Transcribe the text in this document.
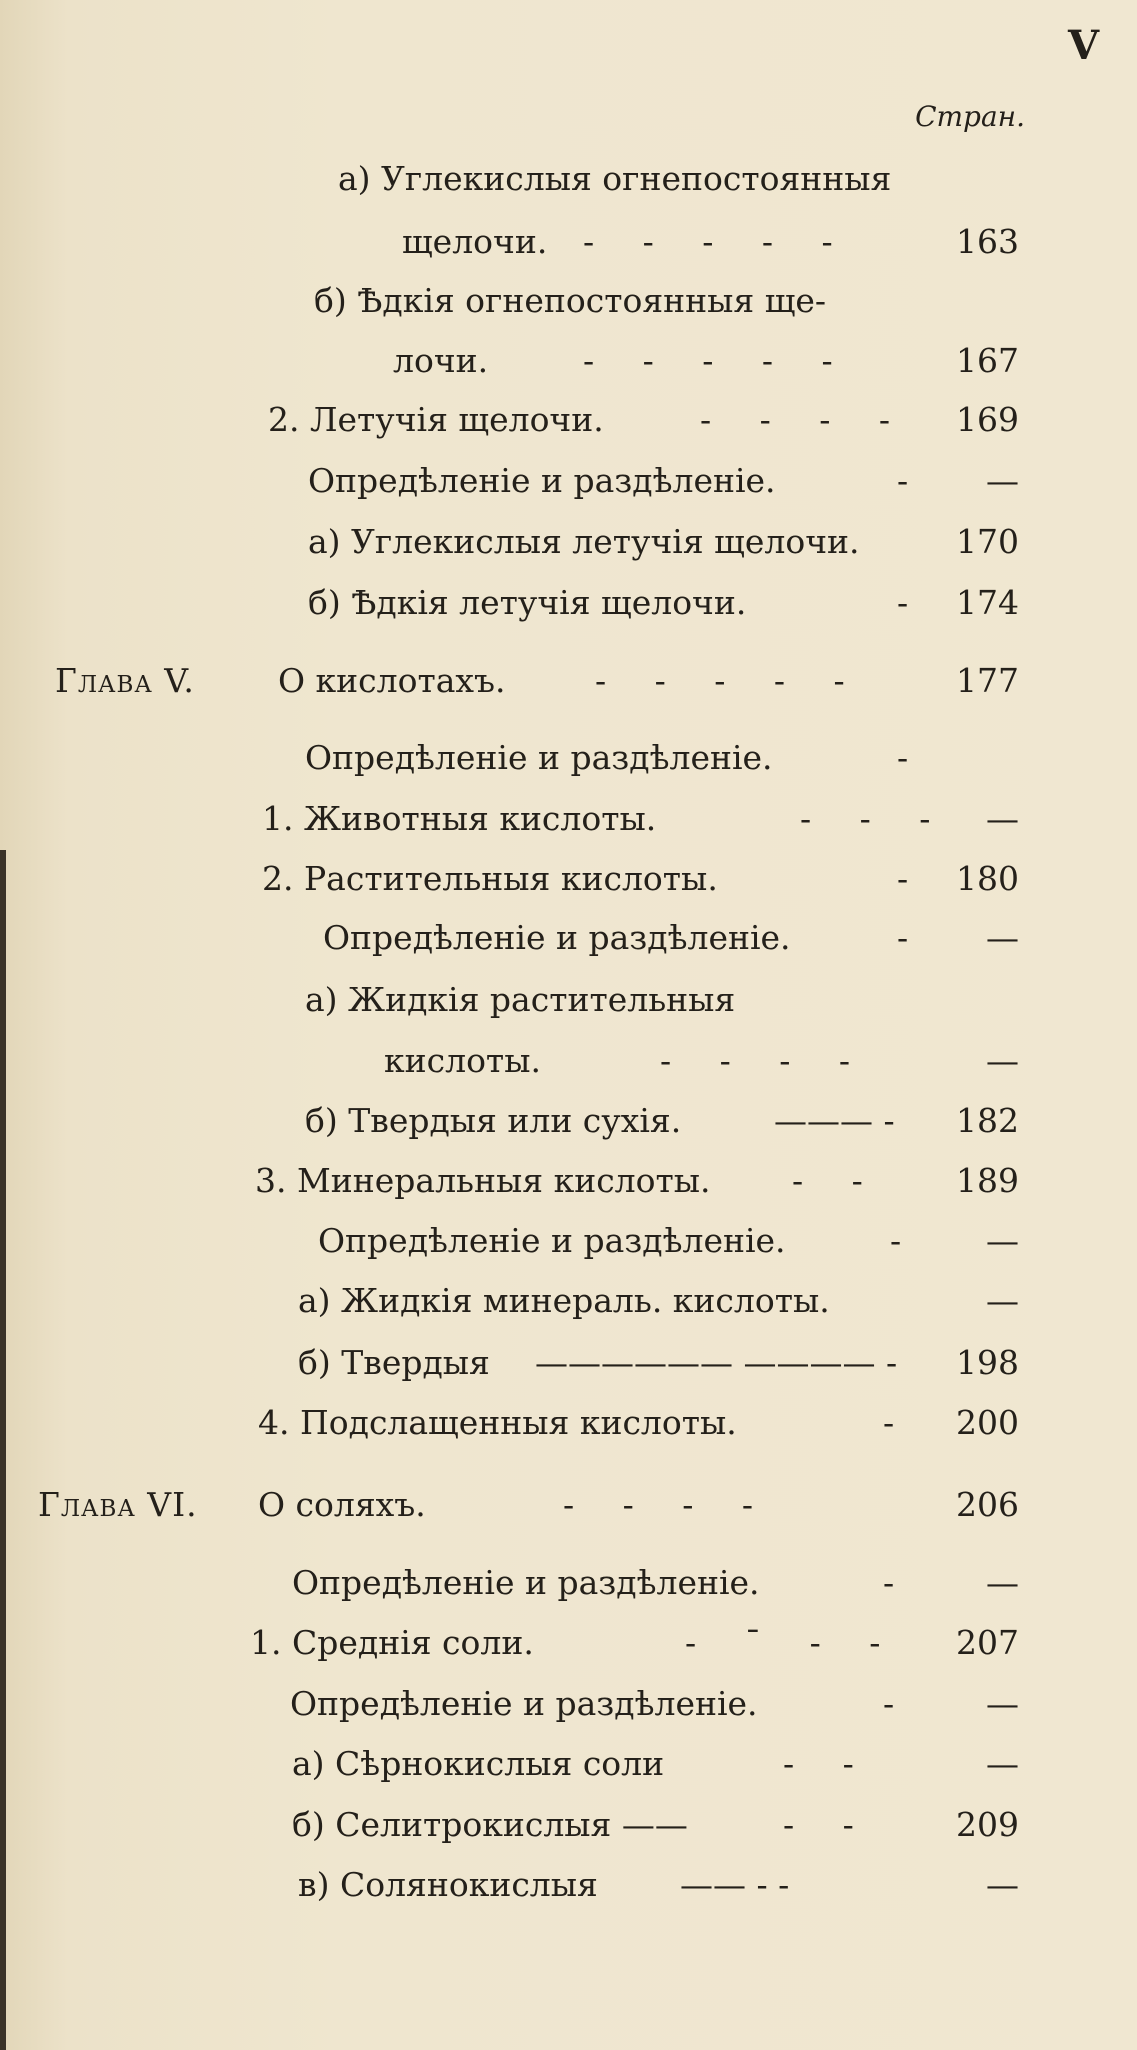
V
Стран.
а) Углекислыя огнепостоянныя
щелочи. - - - - -	163
б) Ѣдкія огнепостоянныя ще-
лочи.	- - - - -	167
2. Летучія щелочи.	- - - - 169
Опредѣленіе и раздѣленіе.	- —
а) Углекислыя летучія щелочи.	170
б) Ѣдкія летучія щелочи.	- 174
Глава V.	О кислотахъ.	- - - - -	177
Опредѣленіе и раздѣленіе.	-
1. Животныя кислоты.	- - - —
2. Растительныя кислоты.	- 180
Опредѣленіе и раздѣленіе.	- —
а) Жидкія растительныя
кислоты.	- - - -	—
б) Твердыя или сухія.	——— - 182
3. Минеральныя кислоты. - -	189
Опредѣленіе и раздѣленіе.	-	—
а) Жидкія минераль. кислоты.	—
б) Твердыя —————— ———— - 198
4. Подслащенныя кислоты.	- 200
Глава VI. О соляхъ.	- - - -	206
Опредѣленіе и раздѣленіе.	-	—
1. Среднія соли.	- ˉ - - 207
Опредѣленіе и раздѣленіе.	-	—
а) Сѣрнокислыя соли	- -	—
б) Селитрокислыя ——	- -	209
в) Солянокислыя —— - -	—
